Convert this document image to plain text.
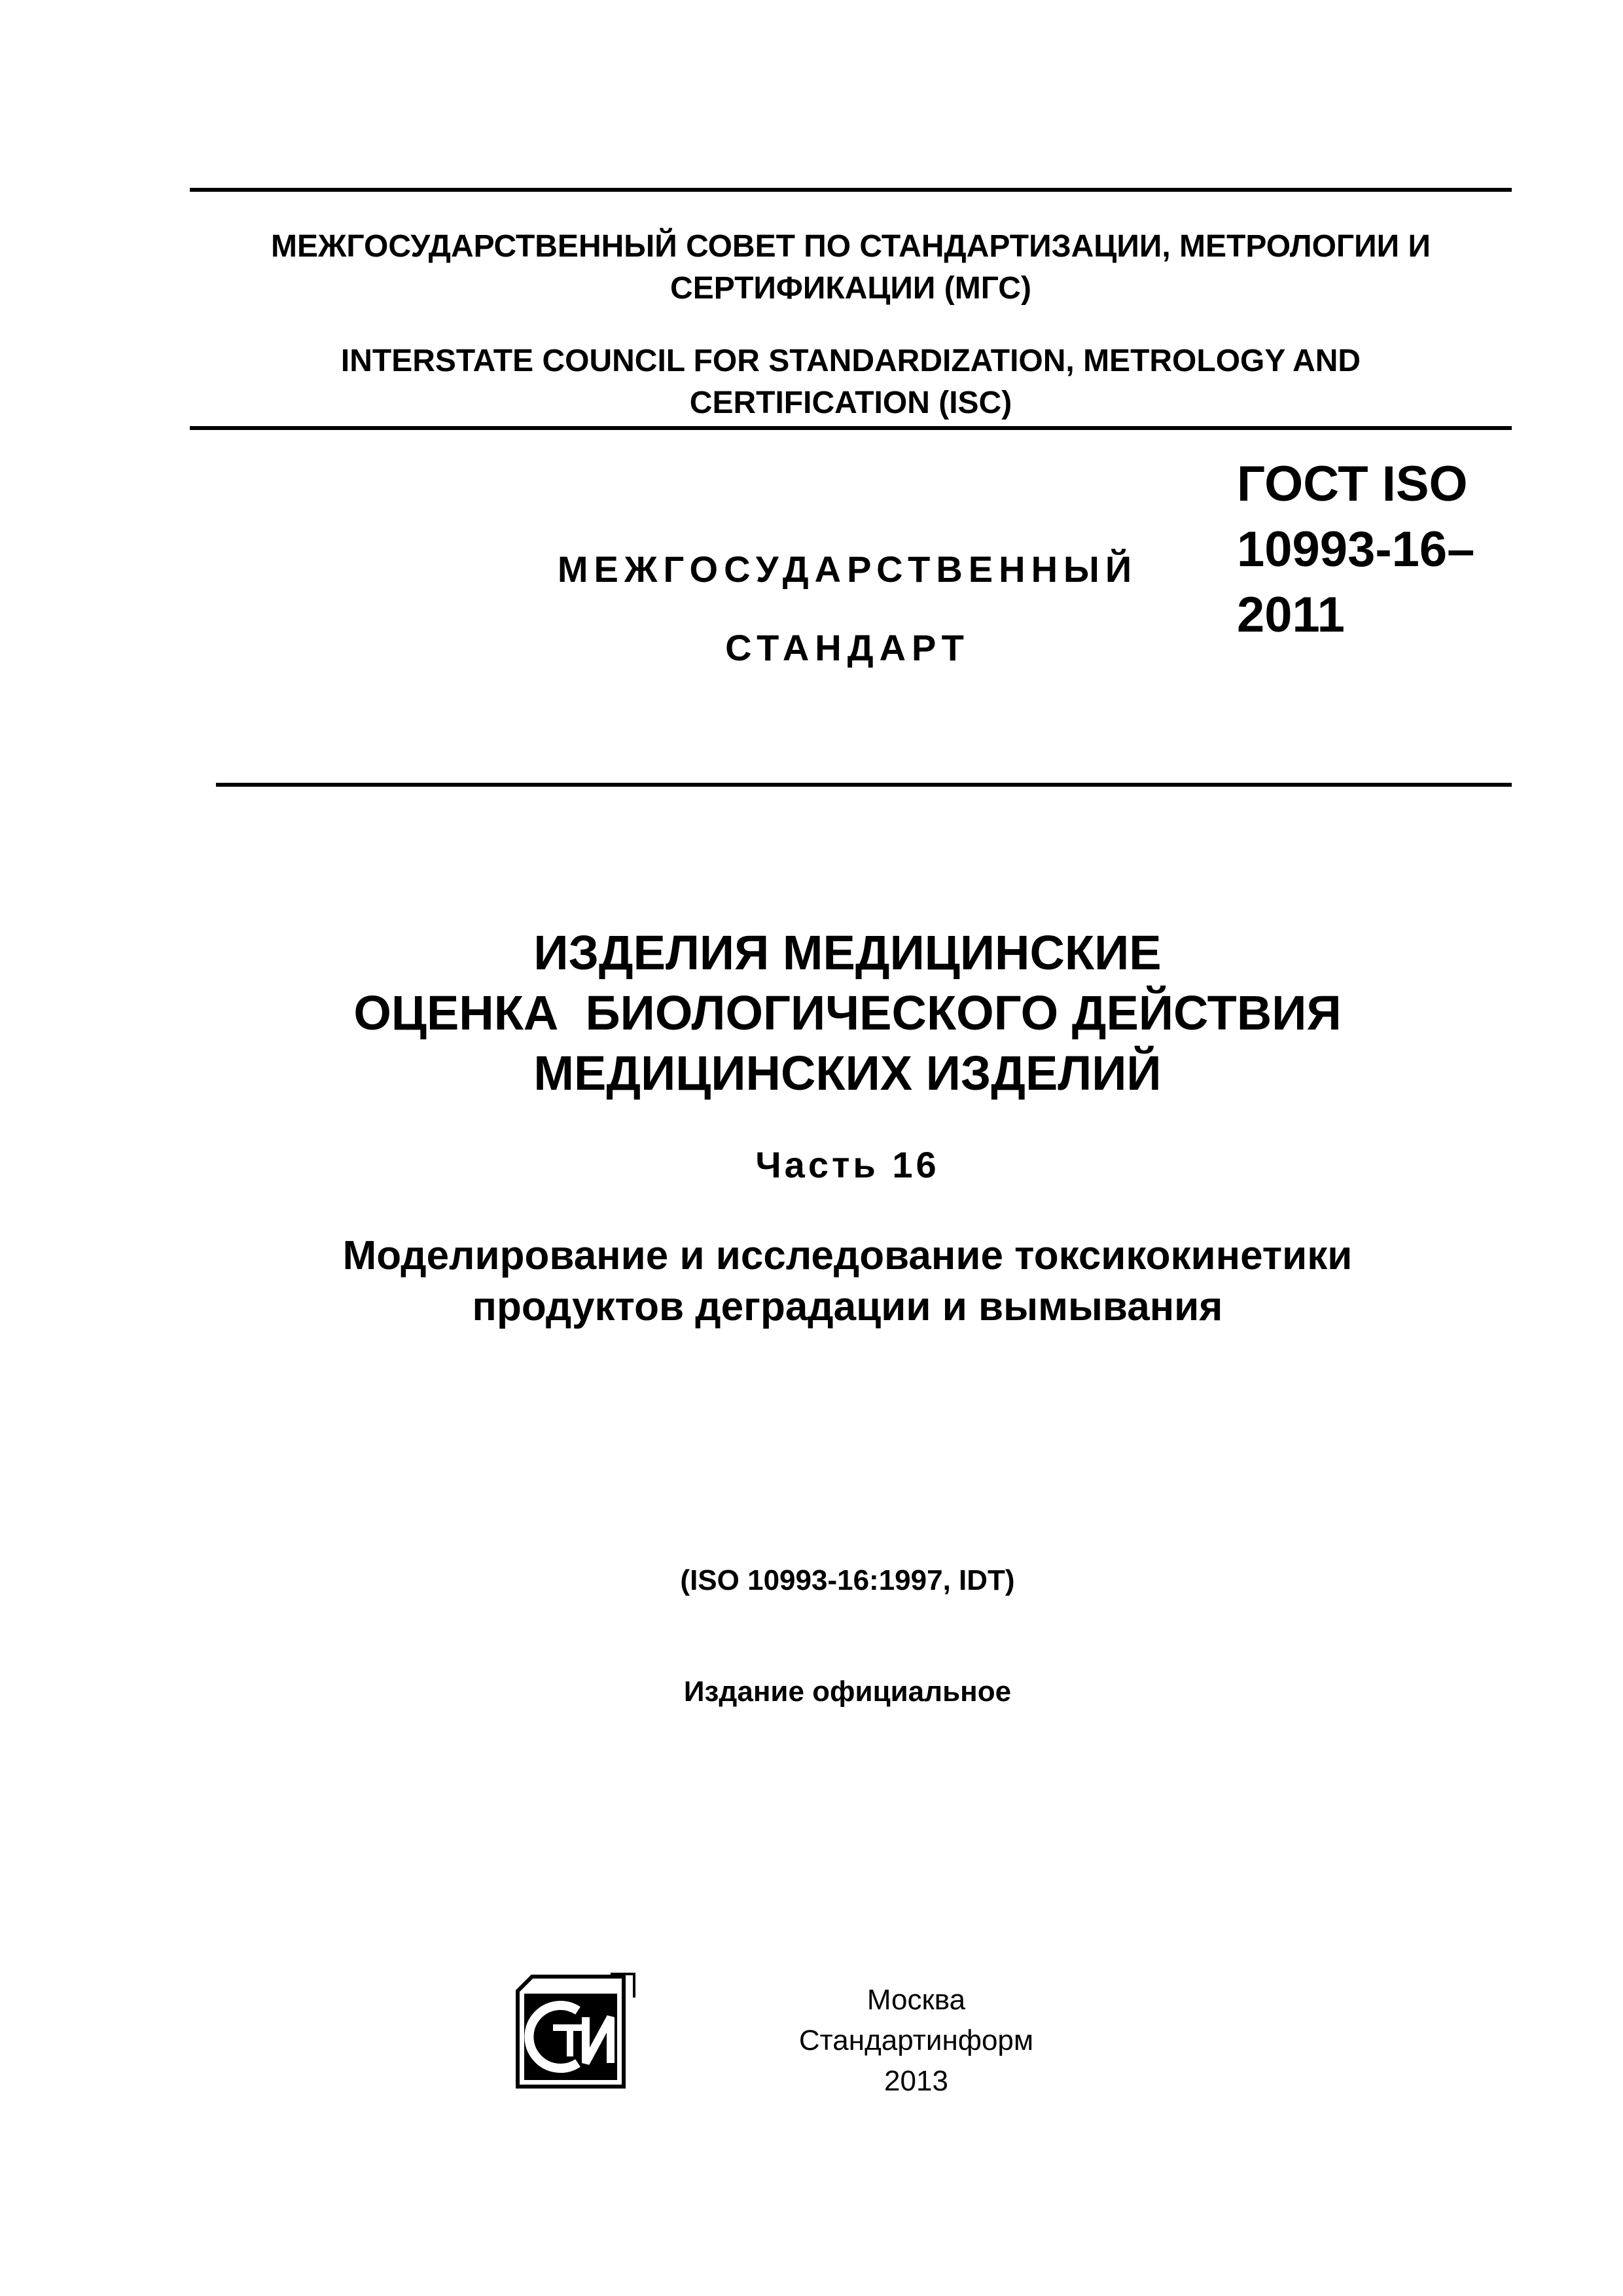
МЕЖГОСУДАРСТВЕННЫЙ СОВЕТ ПО СТАНДАРТИЗАЦИИ, МЕТРОЛОГИИ И
СЕРТИФИКАЦИИ (МГС)
INTERSTATE COUNCIL FOR STANDARDIZATION, METROLOGY AND
CERTIFICATION (ISC)
МЕЖГОСУДАРСТВЕННЫЙ
СТАНДАРТ
ГОСТ ISO
10993-16–
2011
ИЗДЕЛИЯ МЕДИЦИНСКИЕ
ОЦЕНКА  БИОЛОГИЧЕСКОГО ДЕЙСТВИЯ
МЕДИЦИНСКИХ ИЗДЕЛИЙ
Часть 16
Моделирование и исследование токсикокинетики
продуктов деградации и вымывания
(ISO 10993-16:1997, IDT)
Издание официальное
Москва
Стандартинформ
2013
